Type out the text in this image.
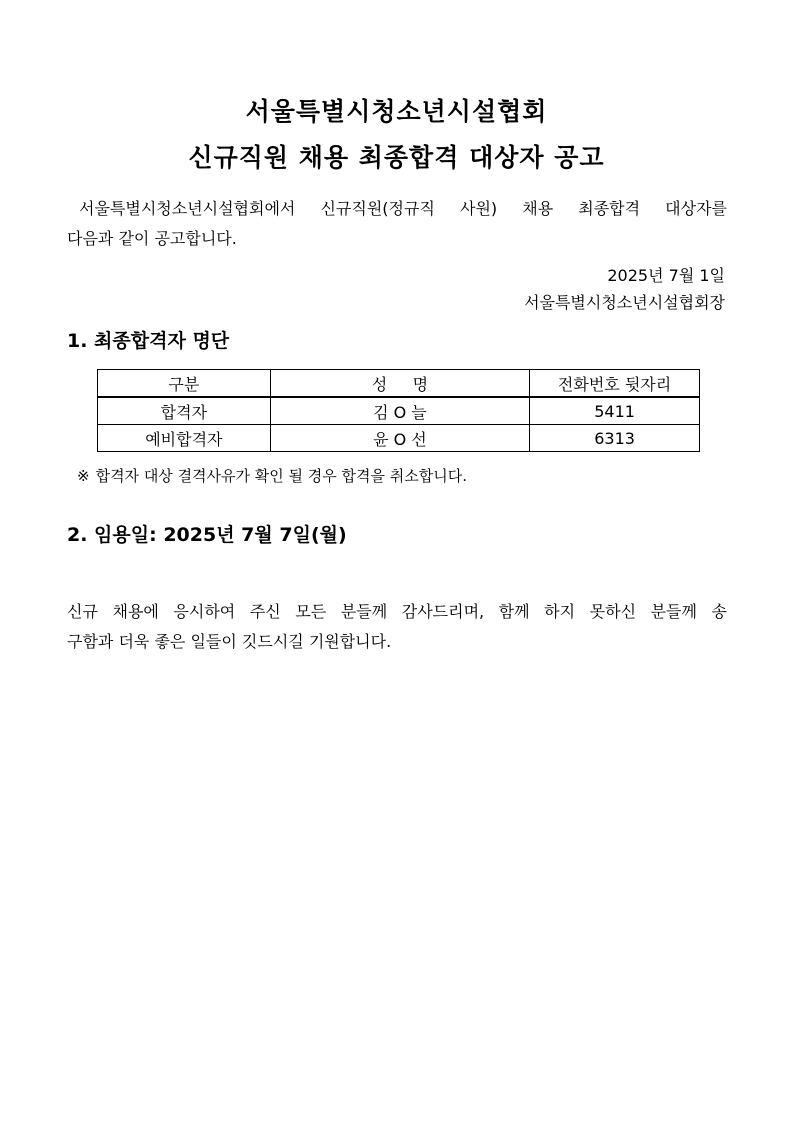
서울특별시청소년시설협회
신규직원 채용 최종합격 대상자 공고
서울특별시청소년시설협회에서 신규직원(정규직 사원) 채용 최종합격 대상자를
다음과 같이 공고합니다.
2025년 7월 1일
서울특별시청소년시설협회장
1. 최종합격자 명단
구분	성     명	전화번호 뒷자리
합격자	김 O 늘	5411
예비합격자	윤 O 선	6313
※ 합격자 대상 결격사유가 확인 될 경우 합격을 취소합니다.
2. 임용일: 2025년 7월 7일(월)
신규 채용에 응시하여 주신 모든 분들께 감사드리며, 함께 하지 못하신 분들께 송
구함과 더욱 좋은 일들이 깃드시길 기원합니다.
